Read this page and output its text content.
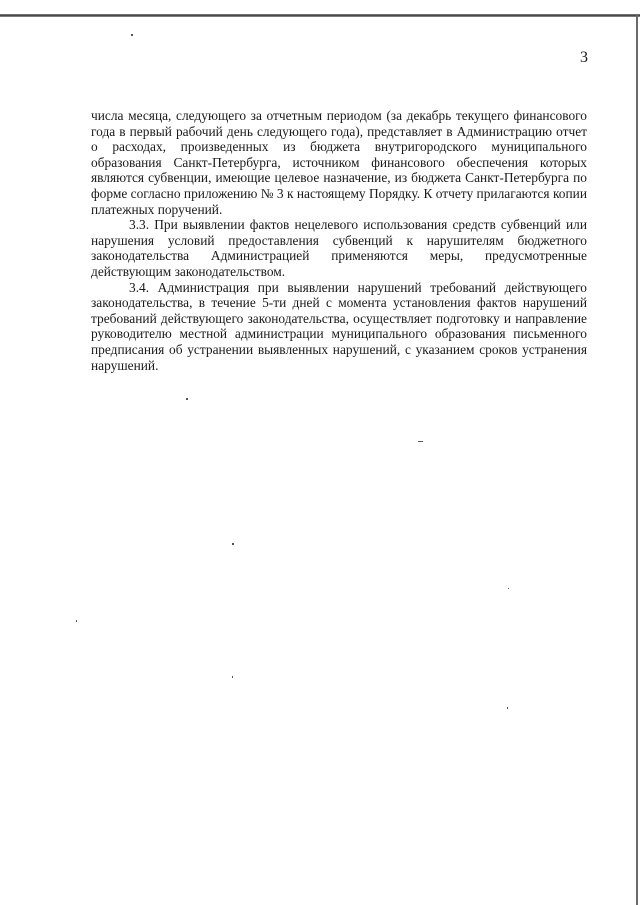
3

числа месяца, следующего за отчетным периодом (за декабрь текущего финансового года в первый рабочий день следующего года), представляет в Администрацию отчет о расходах, произведенных из бюджета внутригородского муниципального образования Санкт-Петербурга, источником финансового обеспечения которых являются субвенции, имеющие целевое назначение, из бюджета Санкт-Петербурга по форме согласно приложению № 3 к настоящему Порядку. К отчету прилагаются копии платежных поручений.

3.3. При выявлении фактов нецелевого использования средств субвенций или нарушения условий предоставления субвенций к нарушителям бюджетного законодательства Администрацией применяются меры, предусмотренные действующим законодательством.

3.4. Администрация при выявлении нарушений требований действующего законодательства, в течение 5-ти дней с момента установления фактов нарушений требований действующего законодательства, осуществляет подготовку и направление руководителю местной администрации муниципального образования письменного предписания об устранении выявленных нарушений, с указанием сроков устранения нарушений.
